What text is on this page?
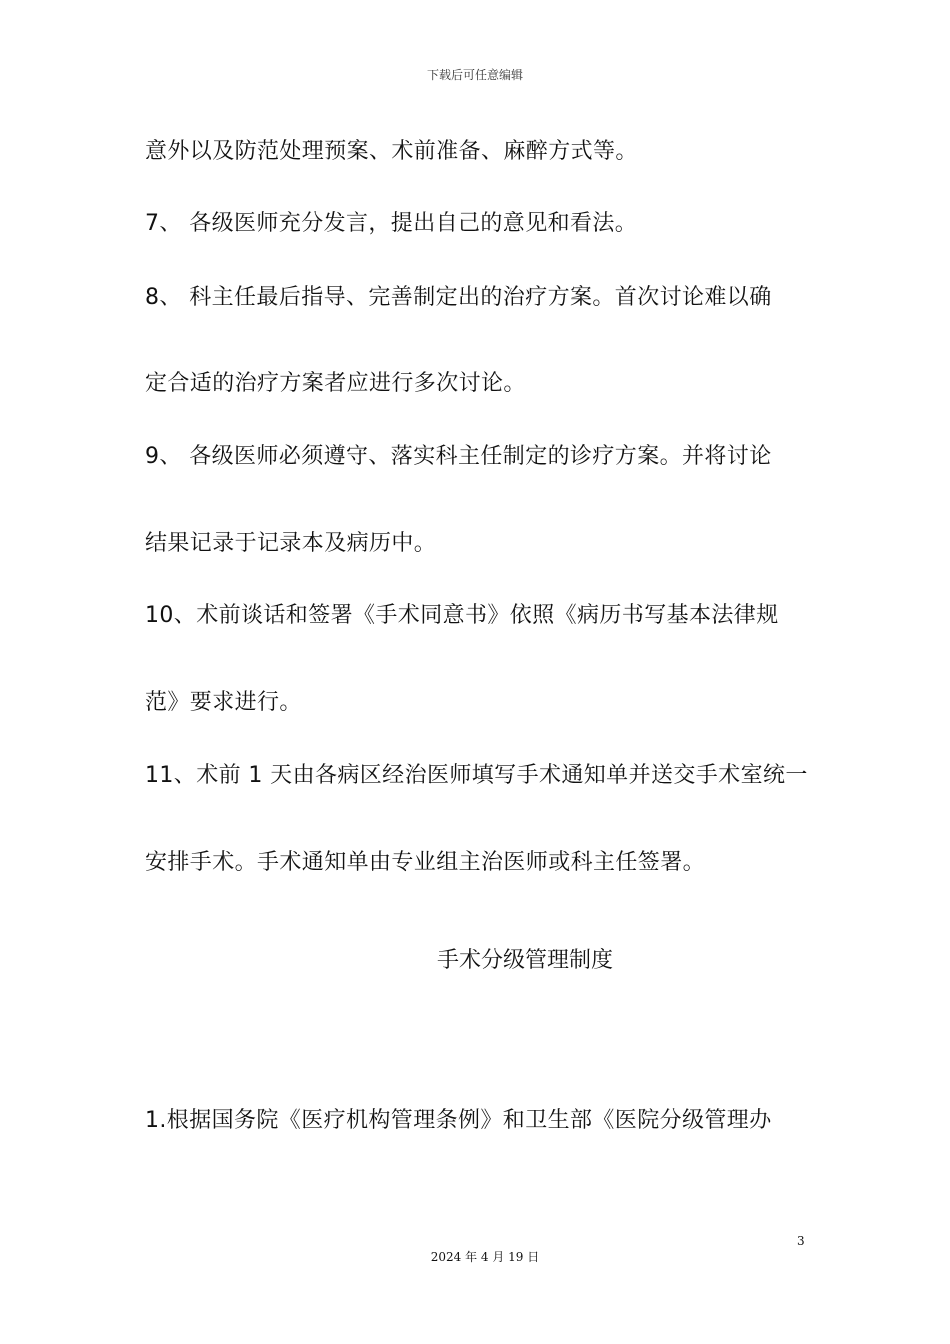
下载后可任意编辑
意外以及防范处理预案、术前准备、麻醉方式等。
7、 各级医师充分发言，提出自己的意见和看法。
8、 科主任最后指导、完善制定出的治疗方案。首次讨论难以确
定合适的治疗方案者应进行多次讨论。
9、 各级医师必须遵守、落实科主任制定的诊疗方案。并将讨论
结果记录于记录本及病历中。
10、术前谈话和签署《手术同意书》依照《病历书写基本法律规
范》要求进行。
11、术前 1 天由各病区经治医师填写手术通知单并送交手术室统一
安排手术。手术通知单由专业组主治医师或科主任签署。
手术分级管理制度
1.根据国务院《医疗机构管理条例》和卫生部《医院分级管理办
3
2024 年 4 月 19 日
